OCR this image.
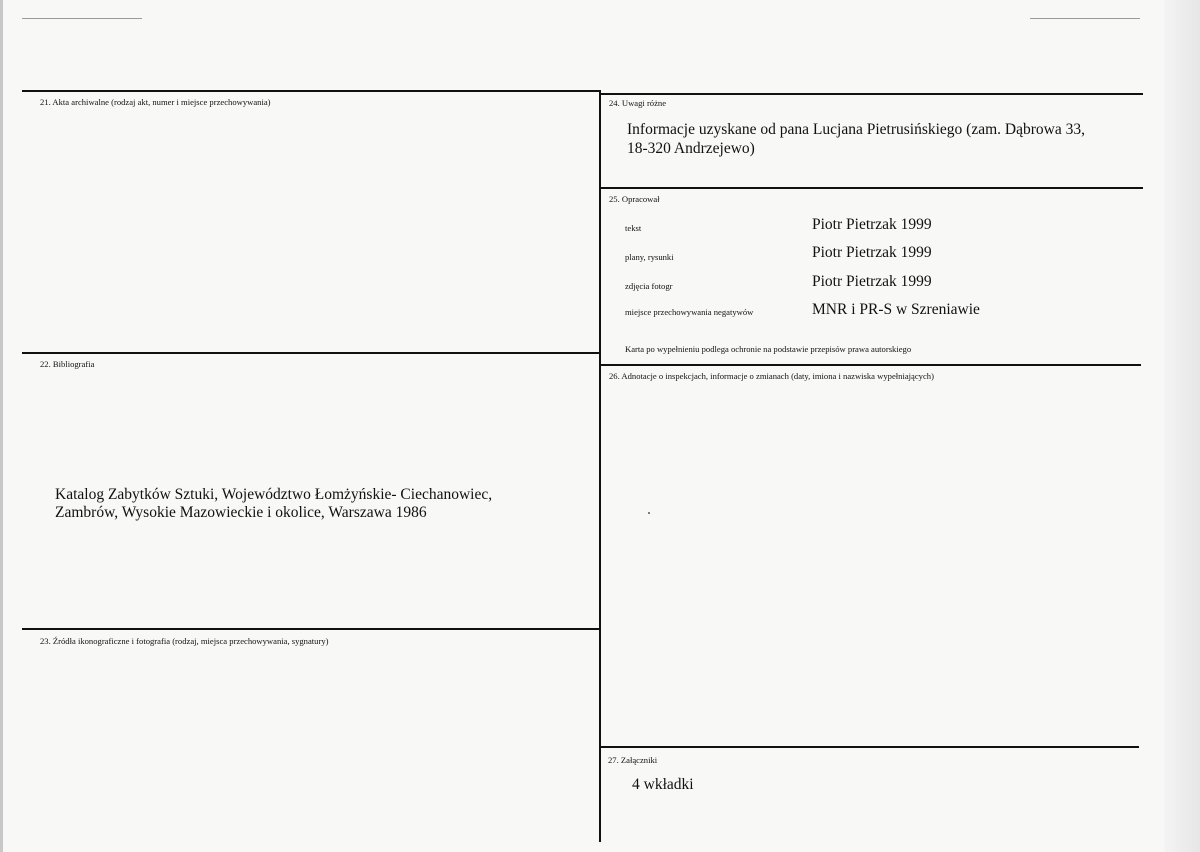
21. Akta archiwalne (rodzaj akt, numer i miejsce przechowywania)
22. Bibliografia
Katalog Zabytków Sztuki, Województwo Łomżyńskie- Ciechanowiec,
Zambrów, Wysokie Mazowieckie i okolice, Warszawa 1986
23. Źródła ikonograficzne i fotografia (rodzaj, miejsca przechowywania, sygnatury)
24. Uwagi różne
Informacje uzyskane od pana Lucjana Pietrusińskiego (zam. Dąbrowa 33,
18-320 Andrzejewo)
25. Opracował
tekst	Piotr Pietrzak 1999
plany, rysunki	Piotr Pietrzak 1999
zdjęcia fotogr	Piotr Pietrzak 1999
miejsce przechowywania negatywów	MNR i PR-S w Szreniawie
Karta po wypełnieniu podlega ochronie na podstawie przepisów prawa autorskiego
26. Adnotacje o inspekcjach, informacje o zmianach (daty, imiona i nazwiska wypełniających)
27. Załączniki
4 wkładki
